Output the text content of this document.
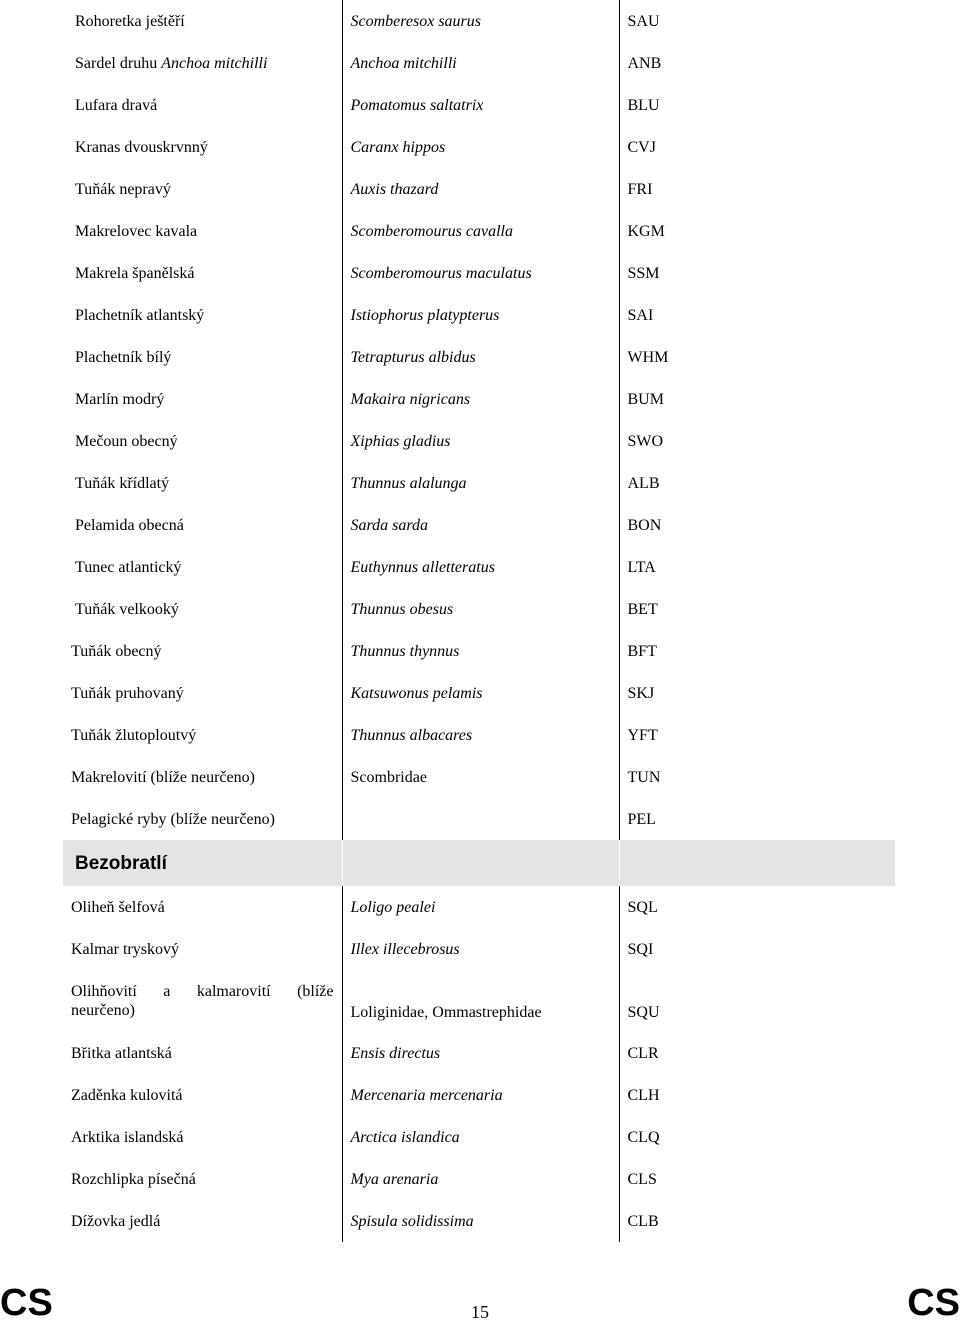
Rohoretka ještěří	Scomberesox saurus	SAU
Sardel druhu Anchoa mitchilli	Anchoa mitchilli	ANB
Lufara dravá	Pomatomus saltatrix	BLU
Kranas dvouskrvnný	Caranx hippos	CVJ
Tuňák nepravý	Auxis thazard	FRI
Makrelovec kavala	Scomberomourus cavalla	KGM
Makrela španělská	Scomberomourus maculatus	SSM
Plachetník atlantský	Istiophorus platypterus	SAI
Plachetník bílý	Tetrapturus albidus	WHM
Marlín modrý	Makaira nigricans	BUM
Mečoun obecný	Xiphias gladius	SWO
Tuňák křídlatý	Thunnus alalunga	ALB
Pelamida obecná	Sarda sarda	BON
Tunec atlantický	Euthynnus alletteratus	LTA
Tuňák velkooký	Thunnus obesus	BET
Tuňák obecný	Thunnus thynnus	BFT
Tuňák pruhovaný	Katsuwonus pelamis	SKJ
Tuňák žlutoploutvý	Thunnus albacares	YFT
Makrelovití (blíže neurčeno)	Scombridae	TUN
Pelagické ryby (blíže neurčeno)		PEL
Bezobratlí		
Oliheň šelfová	Loligo pealei	SQL
Kalmar tryskový	Illex illecebrosus	SQI

Olihňovití a kalmarovití (blíže
neurčeno)	Loliginidae, Ommastrephidae	SQU
Břitka atlantská	Ensis directus	CLR
Zaděnka kulovitá	Mercenaria mercenaria	CLH
Arktika islandská	Arctica islandica	CLQ
Rozchlipka písečná	Mya arenaria	CLS
Dížovka jedlá	Spisula solidissima	CLB
CS	15	CS
